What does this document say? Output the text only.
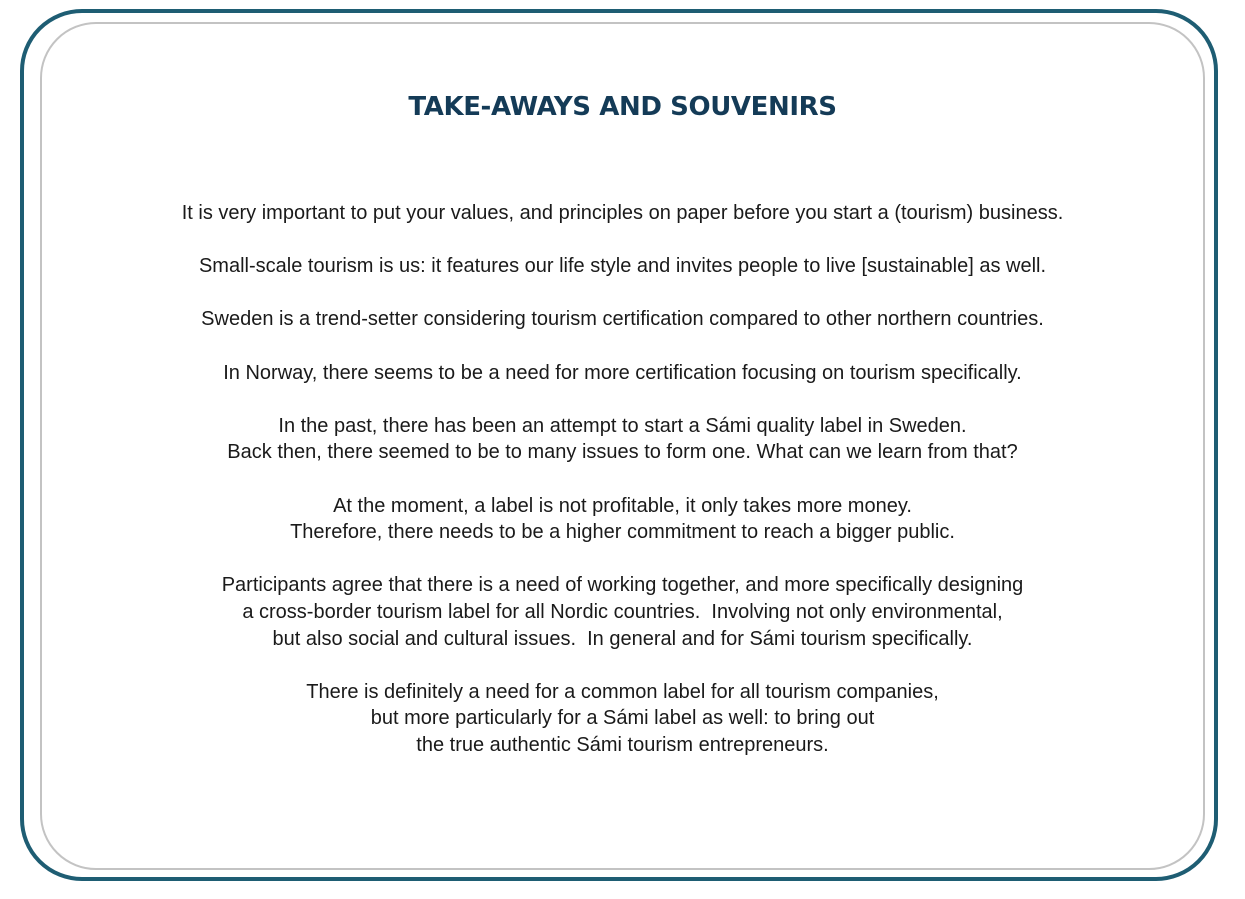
TAKE-AWAYS AND SOUVENIRS

It is very important to put your values, and principles on paper before you start a (tourism) business.

Small-scale tourism is us: it features our life style and invites people to live [sustainable] as well.

Sweden is a trend-setter considering tourism certification compared to other northern countries.

In Norway, there seems to be a need for more certification focusing on tourism specifically.

In the past, there has been an attempt to start a Sámi quality label in Sweden.
Back then, there seemed to be to many issues to form one. What can we learn from that?

At the moment, a label is not profitable, it only takes more money.
Therefore, there needs to be a higher commitment to reach a bigger public.

Participants agree that there is a need of working together, and more specifically designing
a cross-border tourism label for all Nordic countries.  Involving not only environmental,
but also social and cultural issues.  In general and for Sámi tourism specifically.

There is definitely a need for a common label for all tourism companies,
but more particularly for a Sámi label as well: to bring out
the true authentic Sámi tourism entrepreneurs.
